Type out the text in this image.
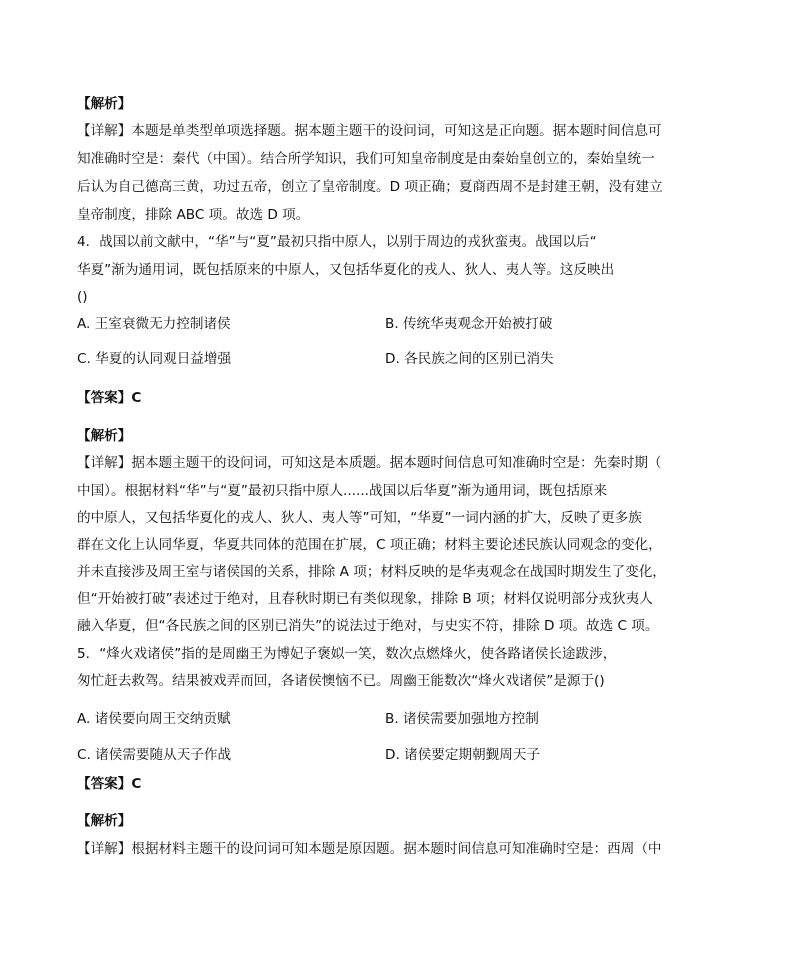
【解析】
【详解】本题是单类型单项选择题。据本题主题干的设问词，可知这是正向题。据本题时间信息可
知准确时空是：秦代（中国）。结合所学知识，我们可知皇帝制度是由秦始皇创立的，秦始皇统一
后认为自己德高三黄，功过五帝，创立了皇帝制度。D 项正确；夏商西周不是封建王朝，没有建立
皇帝制度，排除 ABC 项。故选 D 项。
4．战国以前文献中，“华”与“夏”最初只指中原人，以别于周边的戎狄蛮夷。战国以后“
华夏”渐为通用词，既包括原来的中原人，又包括华夏化的戎人、狄人、夷人等。这反映出
()
A. 王室衰微无力控制诸侯	B. 传统华夷观念开始被打破
C. 华夏的认同观日益增强	D. 各民族之间的区别已消失
【答案】C
【解析】
【详解】据本题主题干的设问词，可知这是本质题。据本题时间信息可知准确时空是：先秦时期（
中国）。根据材料“华”与“夏”最初只指中原人......战国以后华夏”渐为通用词，既包括原来
的中原人，又包括华夏化的戎人、狄人、夷人等”可知，“华夏”一词内涵的扩大，反映了更多族
群在文化上认同华夏，华夏共同体的范围在扩展，C 项正确；材料主要论述民族认同观念的变化，
并未直接涉及周王室与诸侯国的关系，排除 A 项；材料反映的是华夷观念在战国时期发生了变化，
但“开始被打破”表述过于绝对，且春秋时期已有类似现象，排除 B 项；材料仅说明部分戎狄夷人
融入华夏，但“各民族之间的区别已消失”的说法过于绝对，与史实不符，排除 D 项。故选 C 项。
5．“烽火戏诸侯”指的是周幽王为博妃子褒姒一笑，数次点燃烽火，使各路诸侯长途跋涉，
匆忙赶去救驾。结果被戏弄而回，各诸侯懊恼不已。周幽王能数次“烽火戏诸侯”是源于()
A. 诸侯要向周王交纳贡赋	B. 诸侯需要加强地方控制
C. 诸侯需要随从天子作战	D. 诸侯要定期朝觐周天子
【答案】C
【解析】
【详解】根据材料主题干的设问词可知本题是原因题。据本题时间信息可知准确时空是：西周（中
